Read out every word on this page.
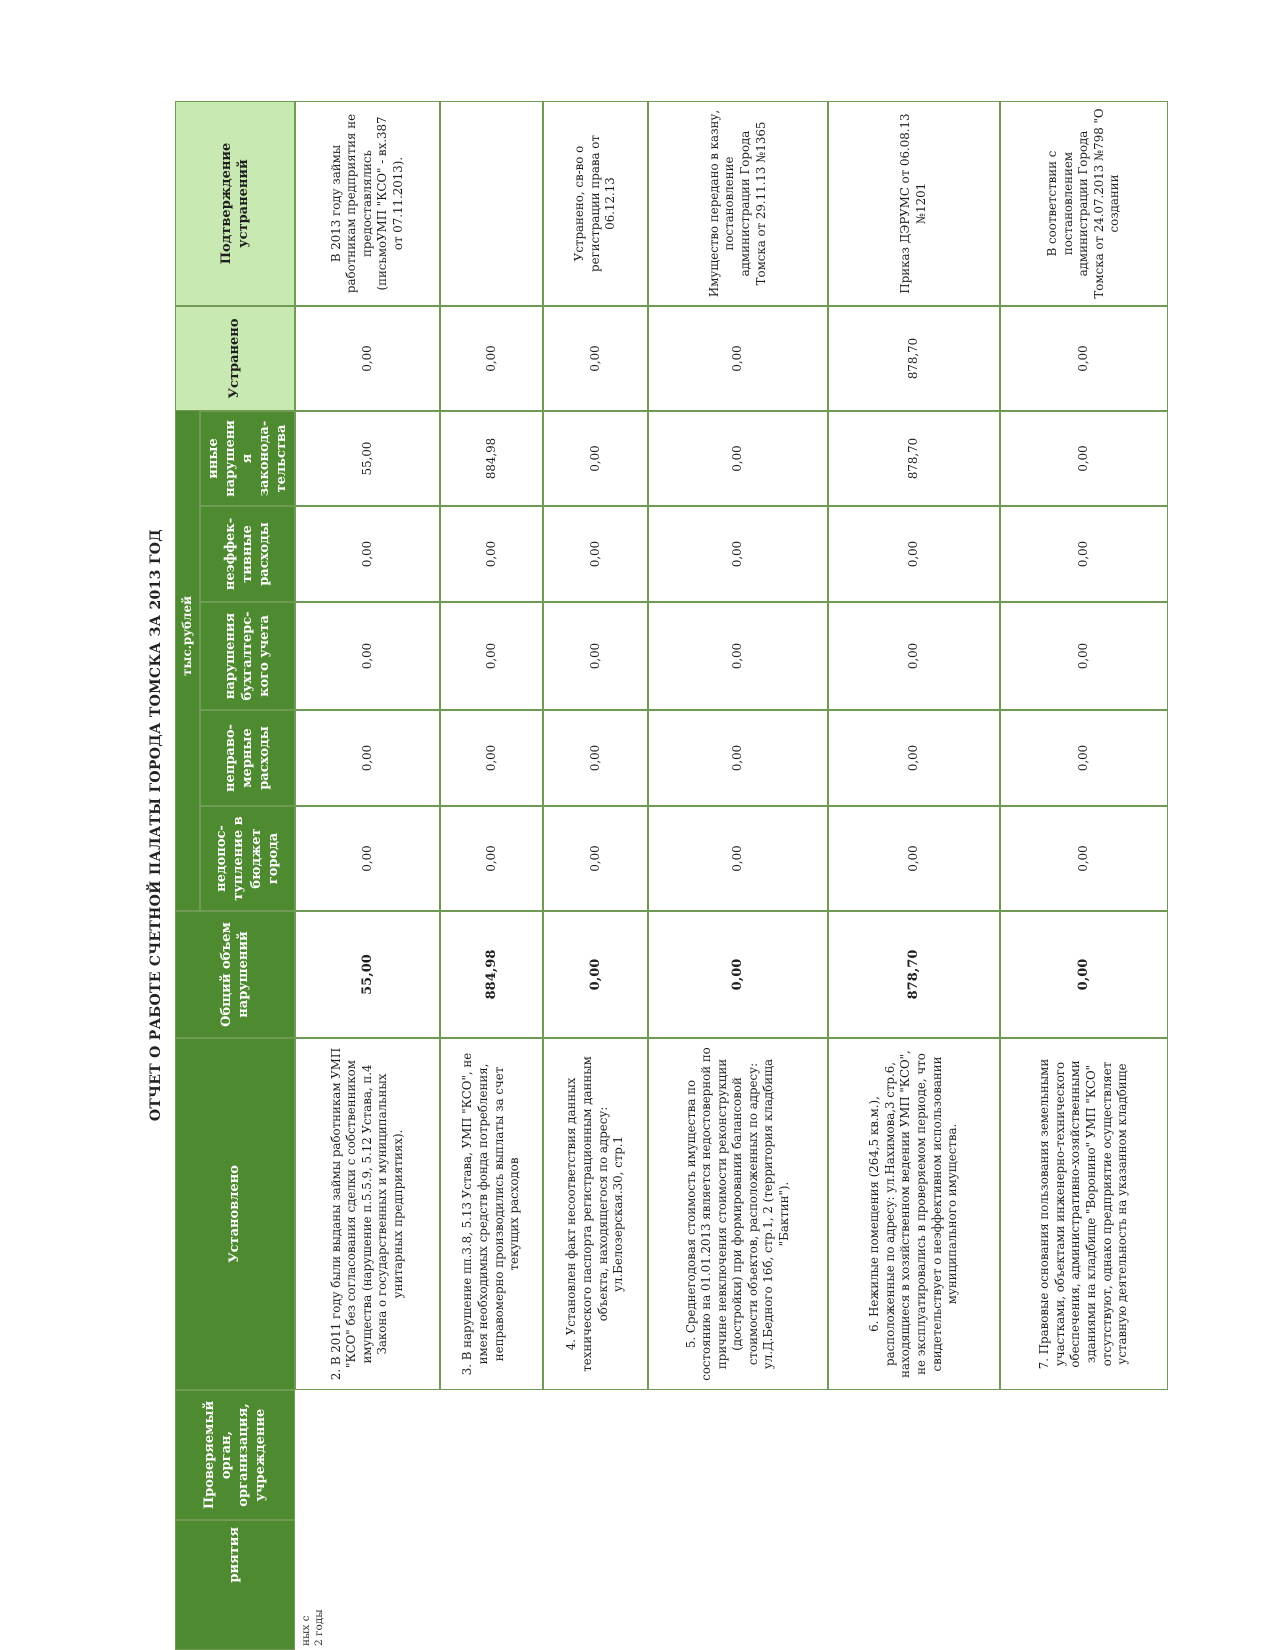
ОТЧЕТ О РАБОТЕ СЧЕТНОЙ ПАЛАТЫ ГОРОДА ТОМСКА ЗА 2013 ГОД
риятия
Проверяемый орган, организация, учреждение
Установлено
Общий объем нарушений
тыс.рублей
недопос-тупление в бюджет города
неправо-мерные расходы
нарушения бухгалтерс-кого учета
неэффек-тивные расходы
иные нарушени я законода-тельства
Устранено
Подтверждение устранений
ных с 2 годы
2. В 2011 году были выданы займы работникам УМП "КСО" без согласования сделки с собственником имущества (нарушение п.5.5.9, 5.12 Устава, п.4 Закона о государственных и муниципальных унитарных предприятиях).
55,00
0,00
0,00
0,00
0,00
55,00
0,00
В 2013 году займы работникам предприятия не предоставлялись (письмоУМП "КСО" - вх.387 от 07.11.2013).
3. В нарушение пп.3.8, 5.13 Устава, УМП "КСО", не имея необходимых средств фонда потребления, неправомерно производились выплаты за счет текущих расходов
884,98
0,00
0,00
0,00
0,00
884,98
0,00
4. Установлен факт несоответствия данных технического паспорта регистрационным данным объекта, находящегося по адресу: ул.Белозерская.30, стр.1
0,00
0,00
0,00
0,00
0,00
0,00
0,00
Устранено, св-во о регистрации права от 06.12.13
5. Среднегодовая стоимость имущества по состоянию на 01.01.2013 является недостоверной по причине невключения стоимости реконструкции (достройки) при формировании балансовой стоимости объектов, расположенных по адресу: ул.Д.Бедного 16б, стр.1, 2 (территория кладбища "Бактин").
0,00
0,00
0,00
0,00
0,00
0,00
0,00
Имущество передано в казну, постановление администрации Города Томска от 29.11.13 №1365
6. Нежилые помещения (264,5 кв.м.), расположенные по адресу: ул.Нахимова,3 стр.6, находящиеся в хозяйственном ведении УМП "КСО", не эксплуатировались в проверяемом периоде, что свидетельствует о неэффективном использовании муниципального имущества.
878,70
0,00
0,00
0,00
0,00
878,70
878,70
Приказ ДЭРУМС от 06.08.13 №1201
7. Правовые основания пользования земельными участками, объектами инженерно-технического обеспечения, административно-хозяйственными зданиями на кладбище "Воронино" УМП "КСО" отсутствуют, однако предприятие осуществляет уставную деятельность на указанном кладбище
0,00
0,00
0,00
0,00
0,00
0,00
0,00
В соответствии с постановлением администрации Города Томска от 24.07.2013 №798 "О создании
